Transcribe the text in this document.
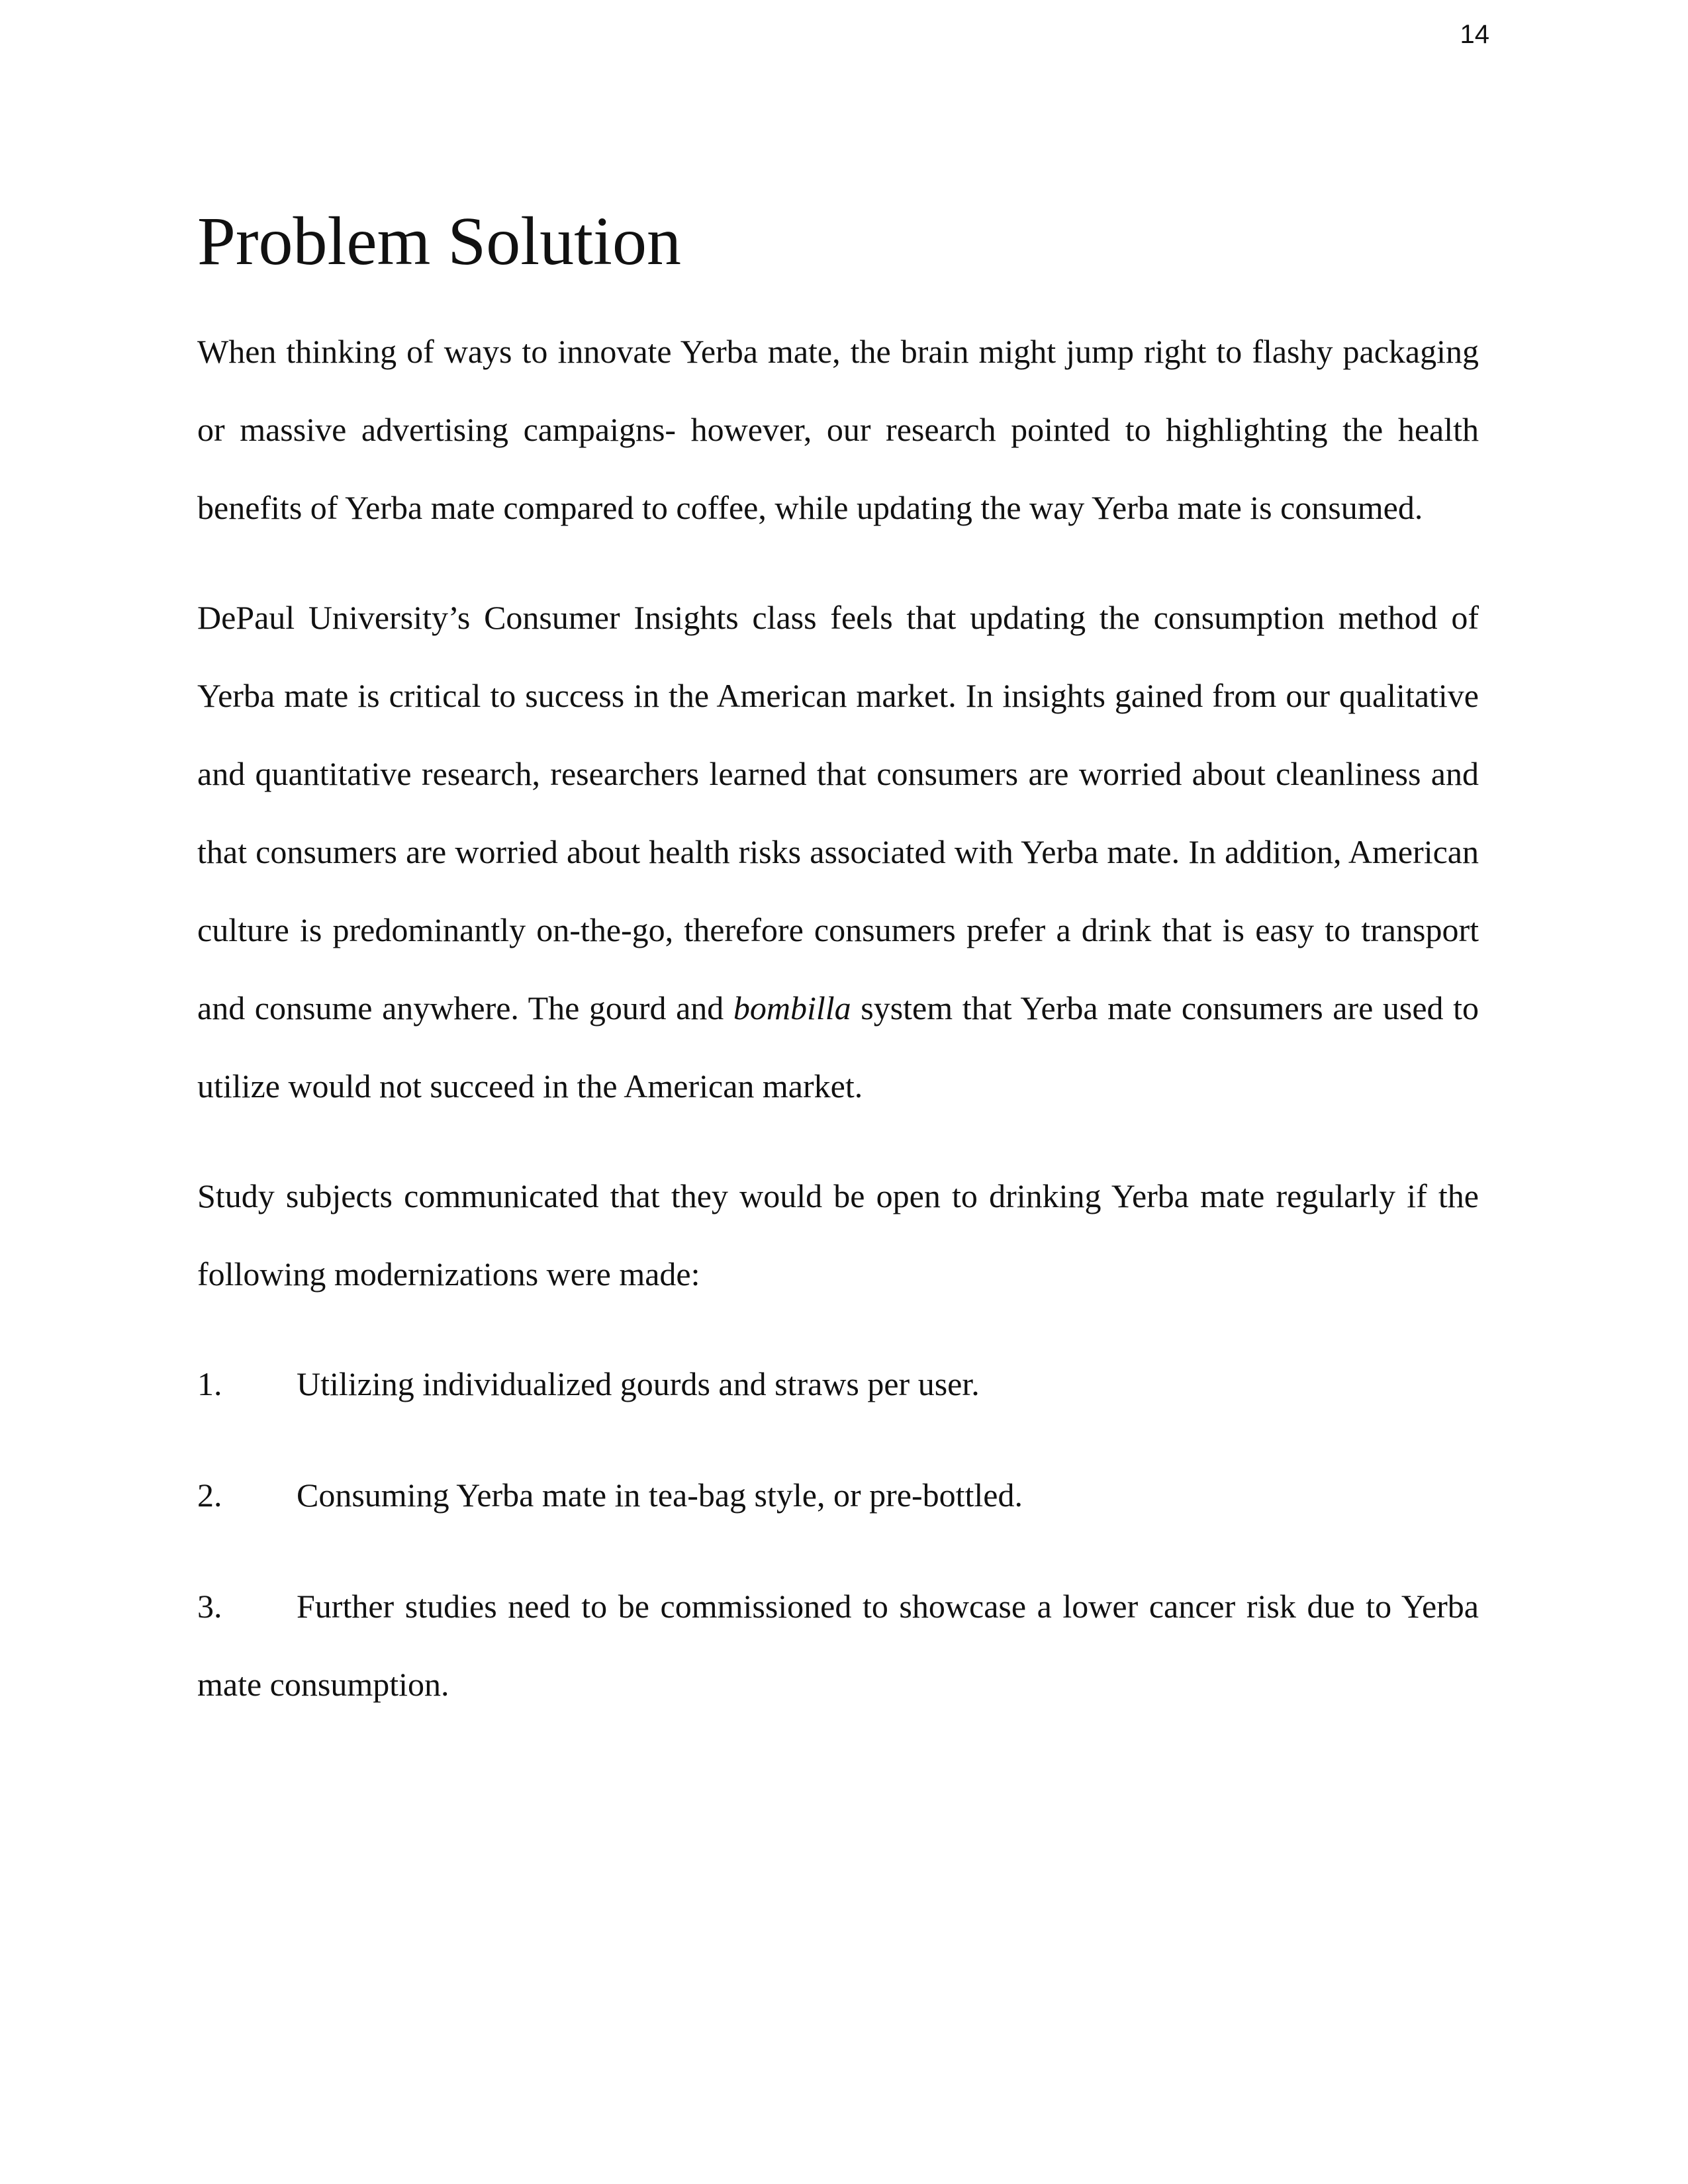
14
Problem Solution

When thinking of ways to innovate Yerba mate, the brain might jump right to flashy packaging or massive advertising campaigns- however, our research pointed to highlighting the health benefits of Yerba mate compared to coffee, while updating the way Yerba mate is consumed.

DePaul University’s Consumer Insights class feels that updating the consumption method of Yerba mate is critical to success in the American market. In insights gained from our qualitative and quantitative research, researchers learned that consumers are worried about cleanliness and that consumers are worried about health risks associated with Yerba mate. In addition, American culture is predominantly on-the-go, therefore consumers prefer a drink that is easy to transport and consume anywhere. The gourd and bombilla system that Yerba mate consumers are used to utilize would not succeed in the American market.

Study subjects communicated that they would be open to drinking Yerba mate regularly if the following modernizations were made:

1. Utilizing individualized gourds and straws per user.

2. Consuming Yerba mate in tea-bag style, or pre-bottled.

3. Further studies need to be commissioned to showcase a lower cancer risk due to Yerba mate consumption.
